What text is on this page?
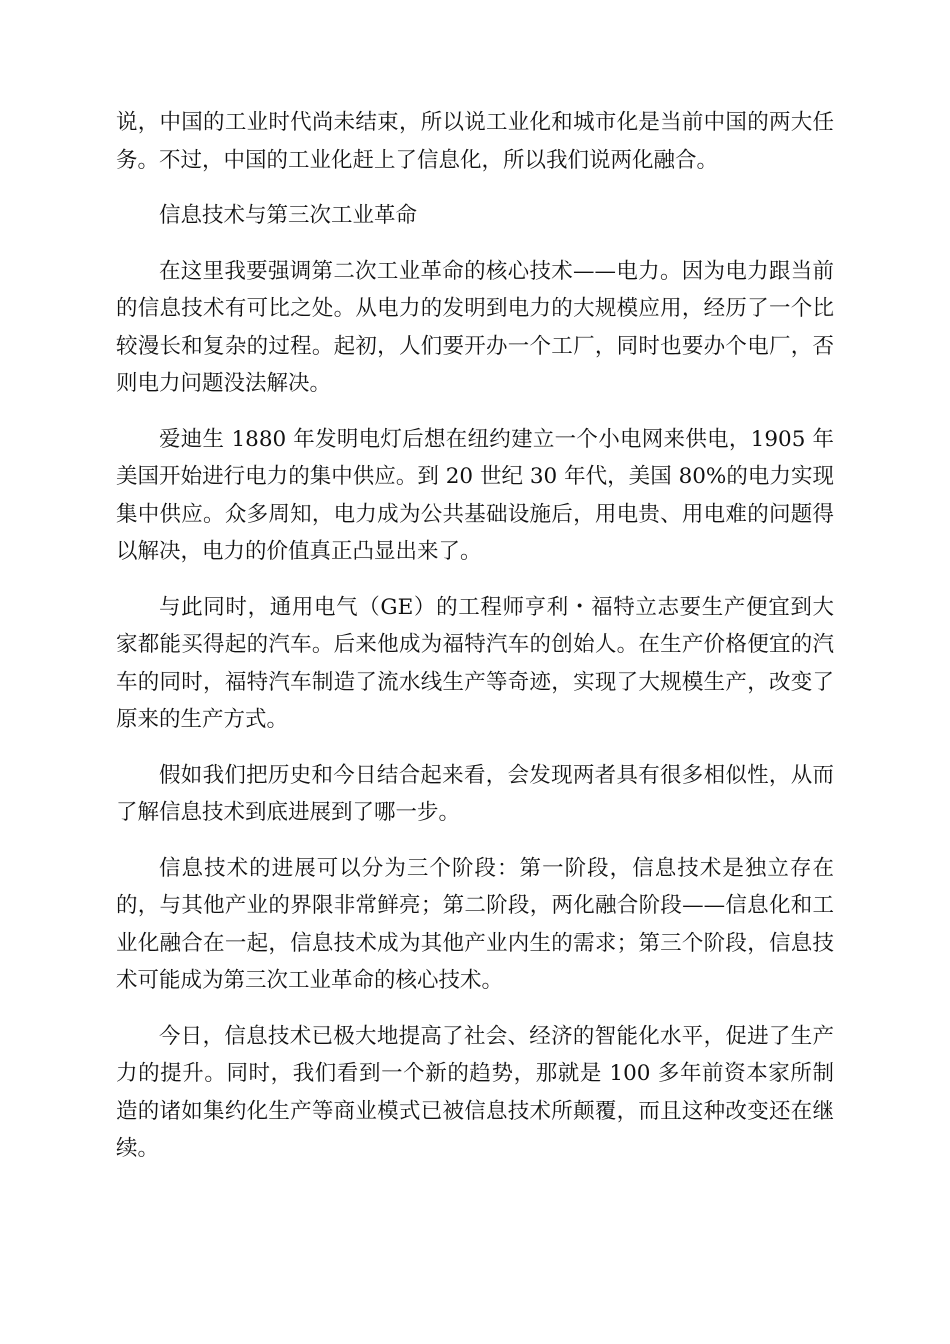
说，中国的工业时代尚未结束，所以说工业化和城市化是当前中国的两大任务。不过，中国的工业化赶上了信息化，所以我们说两化融合。

信息技术与第三次工业革命

在这里我要强调第二次工业革命的核心技术——电力。因为电力跟当前的信息技术有可比之处。从电力的发明到电力的大规模应用，经历了一个比较漫长和复杂的过程。起初，人们要开办一个工厂，同时也要办个电厂，否则电力问题没法解决。

爱迪生 1880 年发明电灯后想在纽约建立一个小电网来供电，1905 年美国开始进行电力的集中供应。到 20 世纪 30 年代，美国 80%的电力实现集中供应。众多周知，电力成为公共基础设施后，用电贵、用电难的问题得以解决，电力的价值真正凸显出来了。

与此同时，通用电气（GE）的工程师亨利・福特立志要生产便宜到大家都能买得起的汽车。后来他成为福特汽车的创始人。在生产价格便宜的汽车的同时，福特汽车制造了流水线生产等奇迹，实现了大规模生产，改变了原来的生产方式。

假如我们把历史和今日结合起来看，会发现两者具有很多相似性，从而了解信息技术到底进展到了哪一步。

信息技术的进展可以分为三个阶段：第一阶段，信息技术是独立存在的，与其他产业的界限非常鲜亮；第二阶段，两化融合阶段——信息化和工业化融合在一起，信息技术成为其他产业内生的需求；第三个阶段，信息技术可能成为第三次工业革命的核心技术。

今日，信息技术已极大地提高了社会、经济的智能化水平，促进了生产力的提升。同时，我们看到一个新的趋势，那就是 100 多年前资本家所制造的诸如集约化生产等商业模式已被信息技术所颠覆，而且这种改变还在继续。
